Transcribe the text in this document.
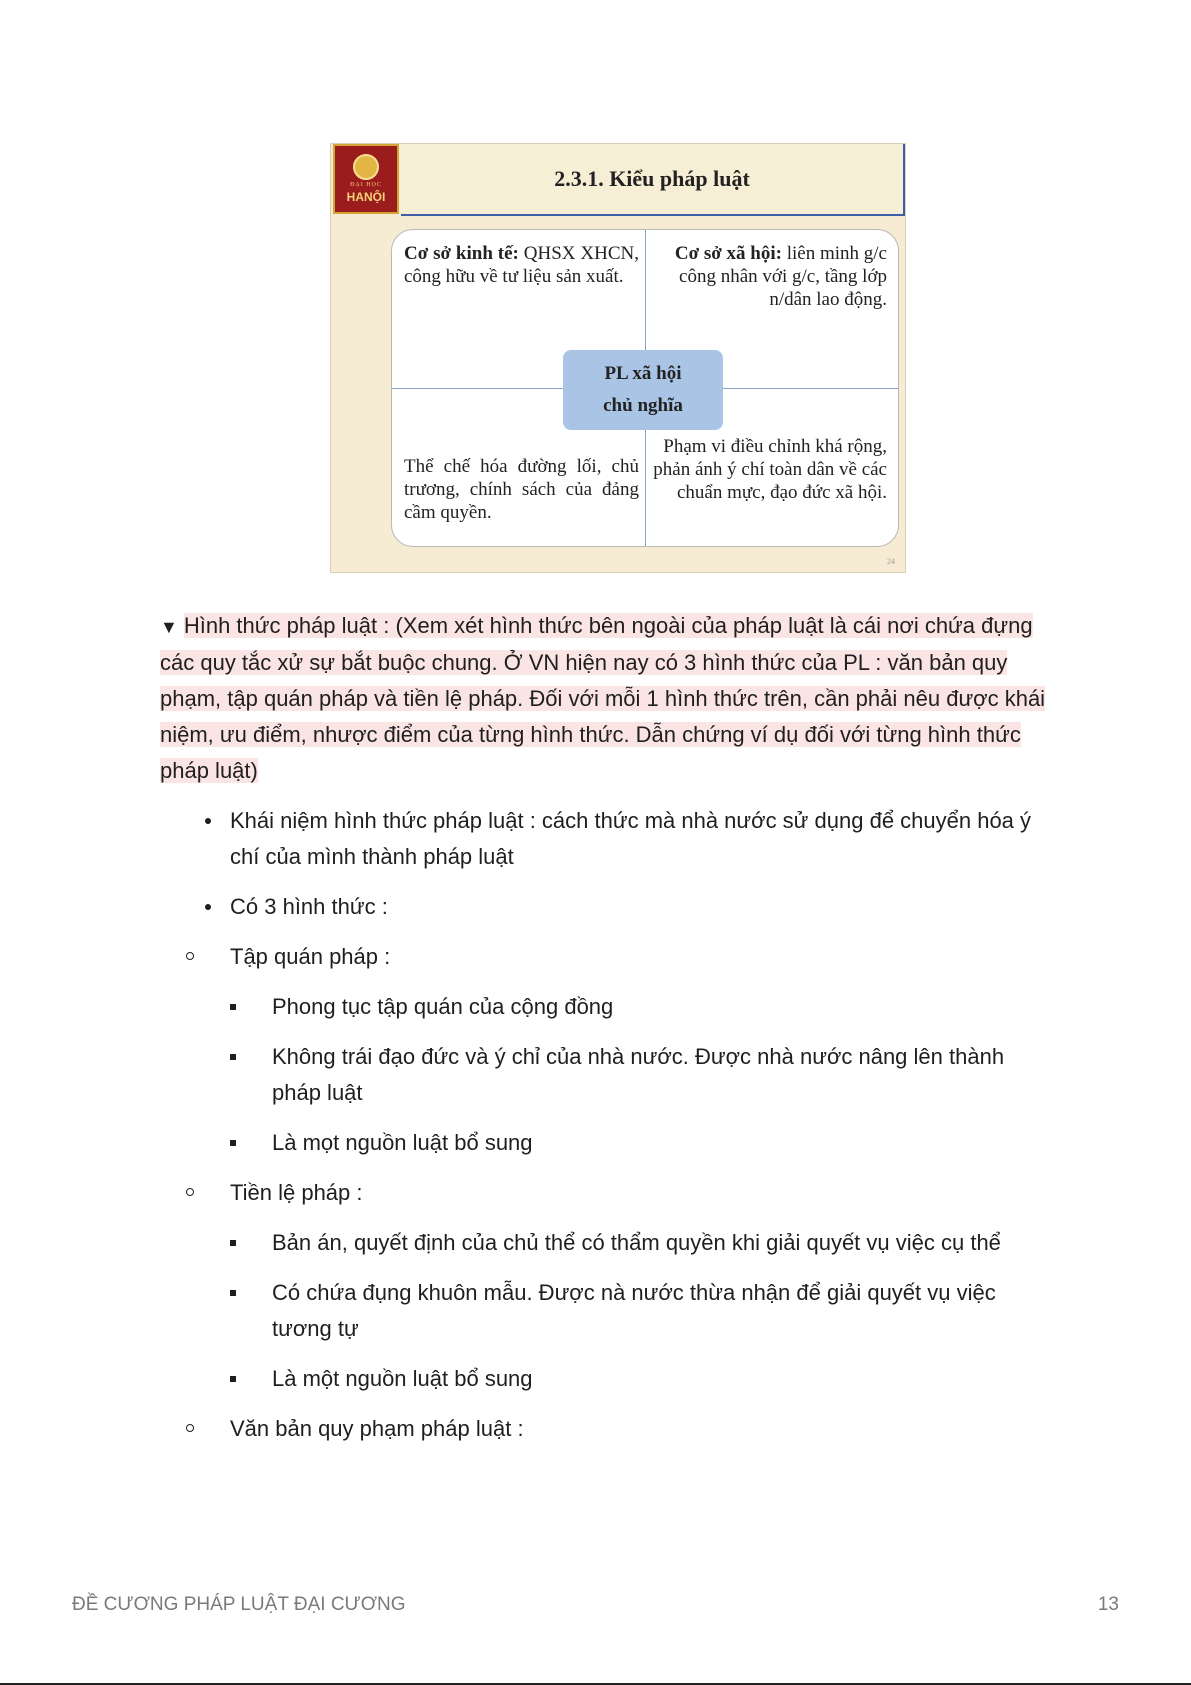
ĐẠI HỌC
HANỘI
2.3.1. Kiểu pháp luật
Cơ sở kinh tế: QHSX XHCN, công hữu về tư liệu sản xuất.
Cơ sở xã hội: liên minh g/c công nhân với g/c, tầng lớp n/dân lao động.
Thể chế hóa đường lối, chủ trương, chính sách của đảng cầm quyền.
Phạm vi điều chỉnh khá rộng, phản ánh ý chí toàn dân về các chuẩn mực, đạo đức xã hội.
PL xã hội
chủ nghĩa
24
▼ Hình thức pháp luật : (Xem xét hình thức bên ngoài của pháp luật là cái nơi chứa đựng các quy tắc xử sự bắt buộc chung. Ở VN hiện nay có 3 hình thức của PL : văn bản quy phạm, tập quán pháp và tiền lệ pháp. Đối với mỗi 1 hình thức trên, cần phải nêu được khái niệm, ưu điểm, nhược điểm của từng hình thức. Dẫn chứng ví dụ đối với từng hình thức pháp luật)
Khái niệm hình thức pháp luật : cách thức mà nhà nước sử dụng để chuyển hóa ý chí của mình thành pháp luật
Có 3 hình thức :
Tập quán pháp :
Phong tục tập quán của cộng đồng
Không trái đạo đức và ý chỉ của nhà nước. Được nhà nước nâng lên thành pháp luật
Là mọt nguồn luật bổ sung
Tiền lệ pháp :
Bản án, quyết định của chủ thể có thẩm quyền khi giải quyết vụ việc cụ thể
Có chứa đụng khuôn mẫu. Được nà nước thừa nhận để giải quyết vụ việc tương tự
Là một nguồn luật bổ sung
Văn bản quy phạm pháp luật :
ĐỀ CƯƠNG PHÁP LUẬT ĐẠI CƯƠNG	13
